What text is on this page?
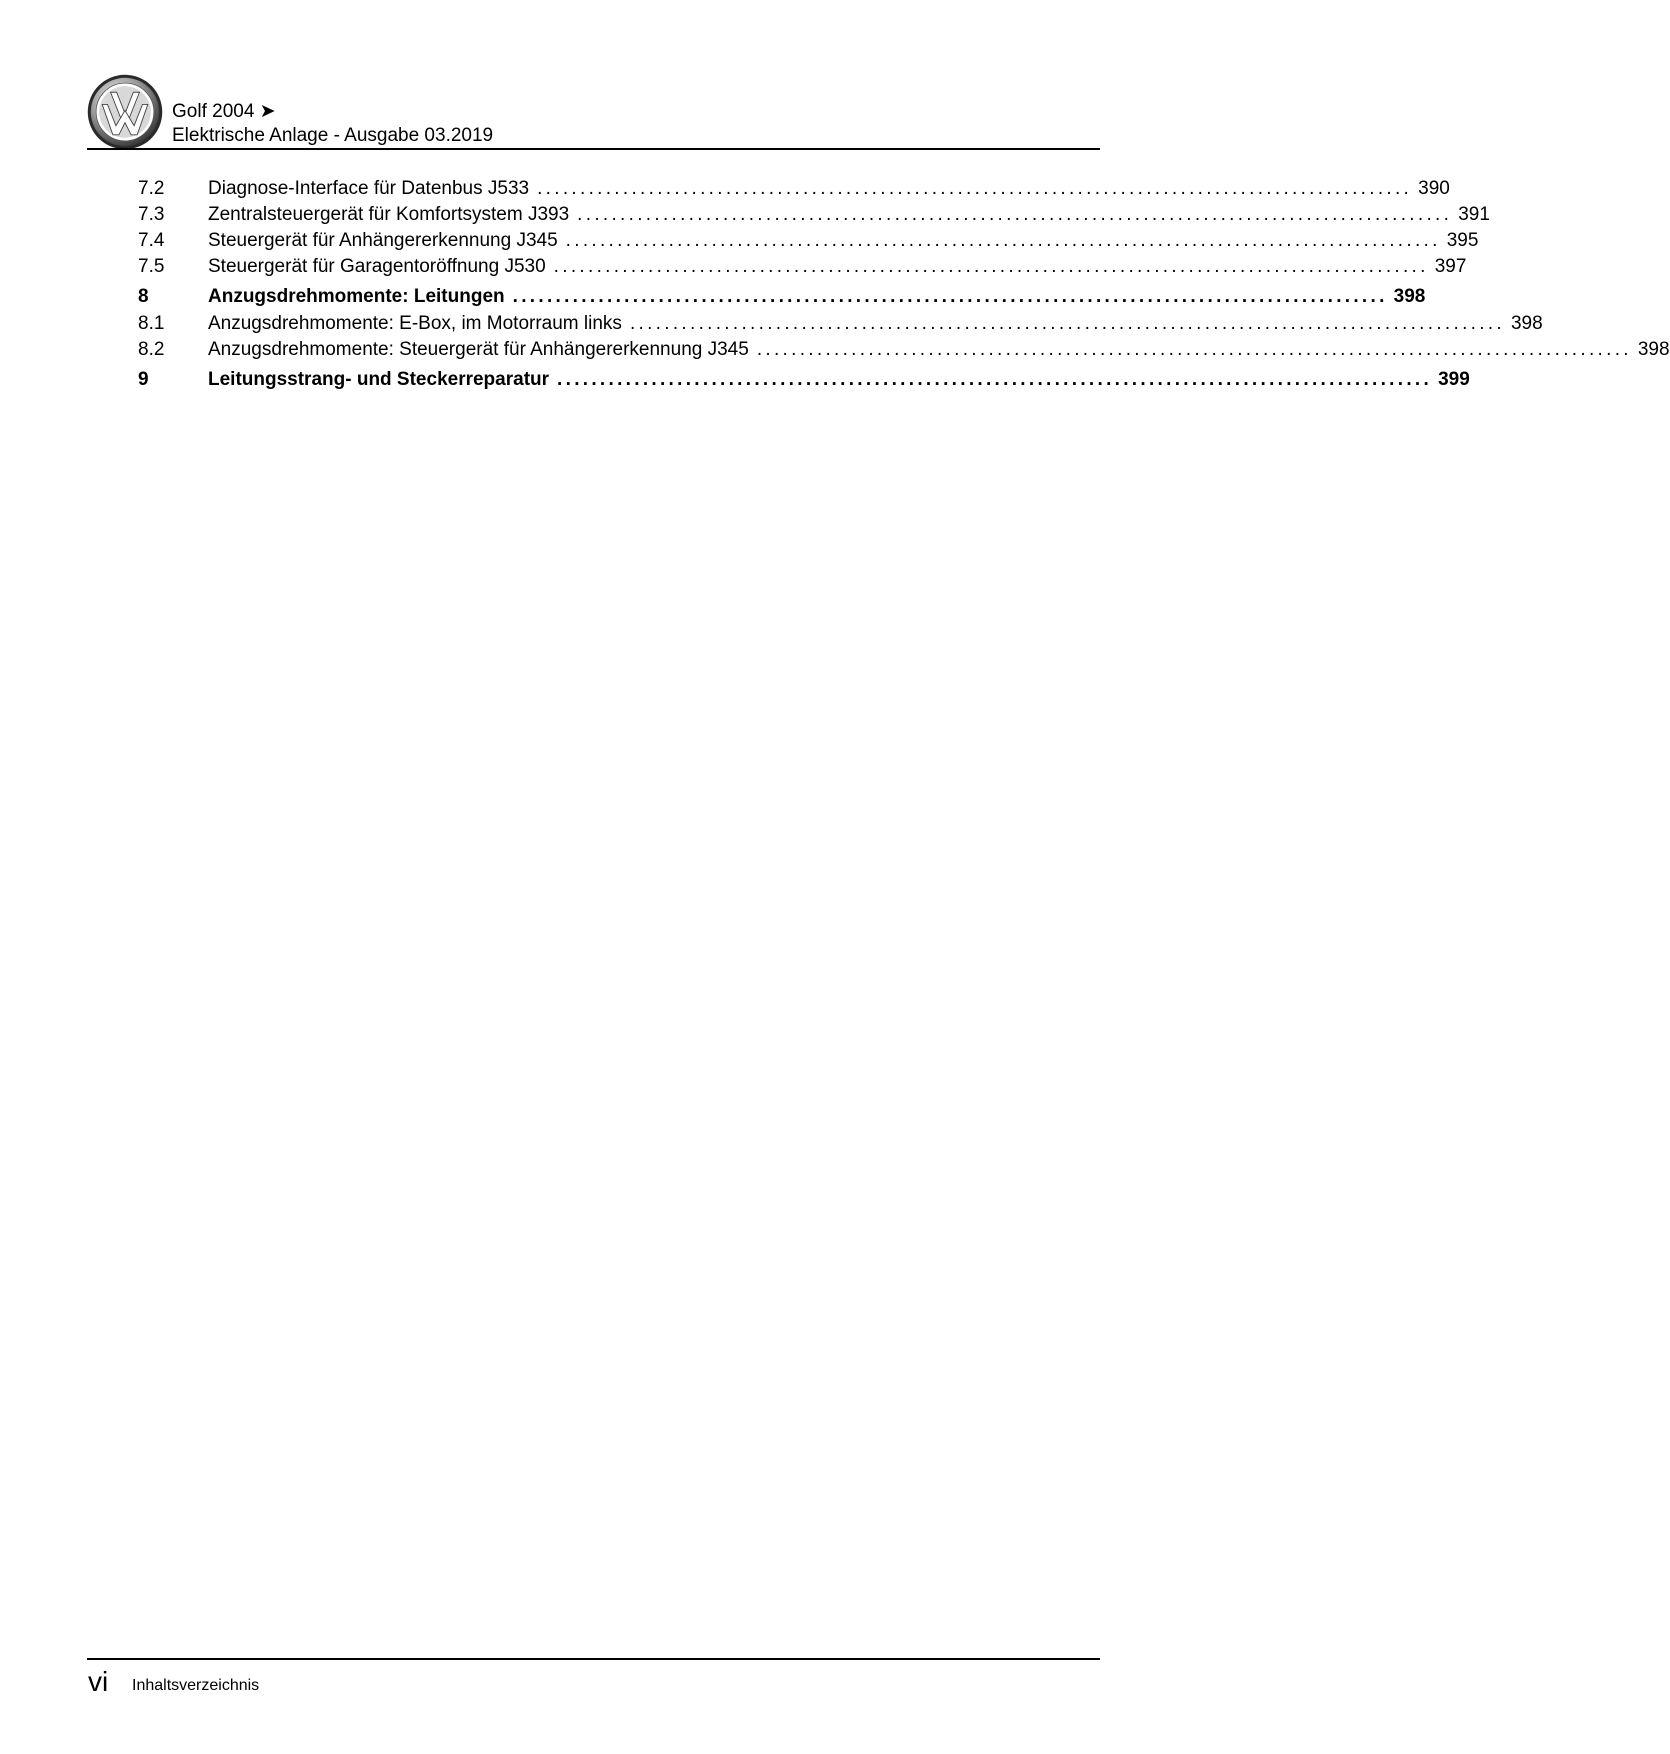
Golf 2004 ➤
Elektrische Anlage - Ausgabe 03.2019
7.2	Diagnose-Interface für Datenbus J533 ...................................................................................................... 390
7.3	Zentralsteuergerät für Komfortsystem J393 ...................................................................................................... 391
7.4	Steuergerät für Anhängererkennung J345 ...................................................................................................... 395
7.5	Steuergerät für Garagentoröffnung J530 ...................................................................................................... 397
8	Anzugsdrehmomente: Leitungen ...................................................................................................... 398
8.1	Anzugsdrehmomente: E-Box, im Motorraum links ...................................................................................................... 398
8.2	Anzugsdrehmomente: Steuergerät für Anhängererkennung J345 ...................................................................................................... 398
9	Leitungsstrang- und Steckerreparatur ...................................................................................................... 399
vi Inhaltsverzeichnis
